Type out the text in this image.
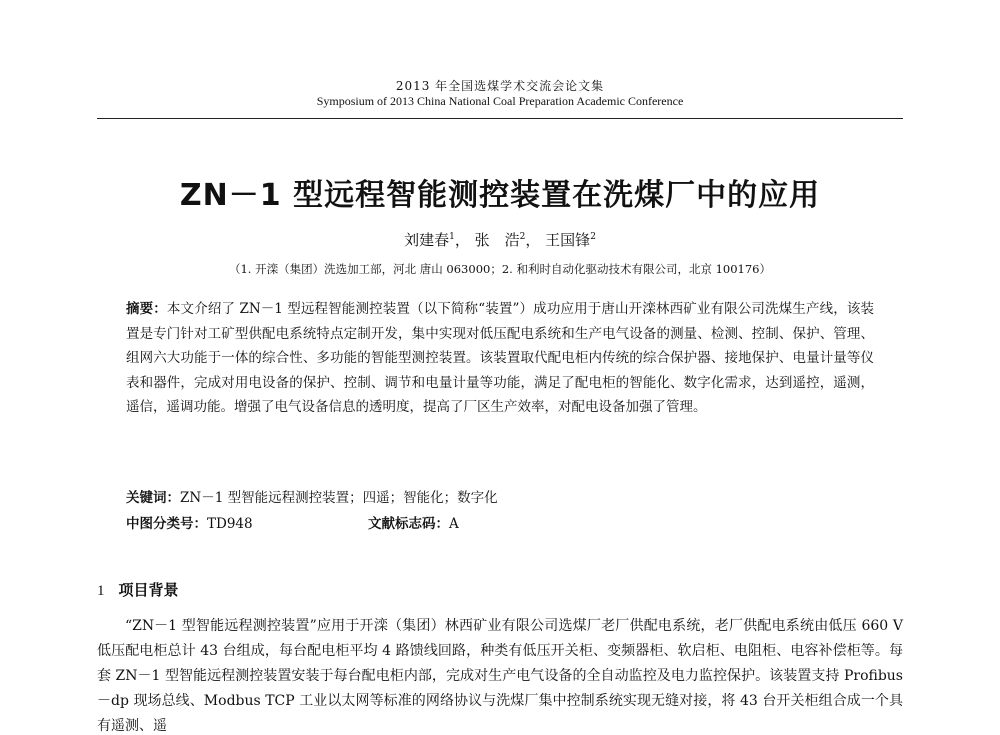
2013 年全国选煤学术交流会论文集
Symposium of 2013 China National Coal Preparation Academic Conference
ZN－1 型远程智能测控装置在洗煤厂中的应用
刘建春$^1$， 张　浩$^2$， 王国锋$^2$
（1. 开滦（集团）洗选加工部，河北 唐山 063000；2. 和利时自动化驱动技术有限公司，北京 100176）
摘要：本文介绍了 ZN－1 型远程智能测控装置（以下简称“装置”）成功应用于唐山开滦林西矿业有限公司洗煤生产线，该装置是专门针对工矿型供配电系统特点定制开发，集中实现对低压配电系统和生产电气设备的测量、检测、控制、保护、管理、组网六大功能于一体的综合性、多功能的智能型测控装置。该装置取代配电柜内传统的综合保护器、接地保护、电量计量等仪表和器件，完成对用电设备的保护、控制、调节和电量计量等功能，满足了配电柜的智能化、数字化需求，达到遥控，遥测，遥信，遥调功能。增强了电气设备信息的透明度，提高了厂区生产效率，对配电设备加强了管理。
关键词：ZN－1 型智能远程测控装置；四遥；智能化；数字化
中图分类号：TD948	文献标志码：A
1 项目背景
“ZN－1 型智能远程测控装置”应用于开滦（集团）林西矿业有限公司选煤厂老厂供配电系统，老厂供配电系统由低压 660 V 低压配电柜总计 43 台组成，每台配电柜平均 4 路馈线回路，种类有低压开关柜、变频器柜、软启柜、电阻柜、电容补偿柜等。每套 ZN－1 型智能远程测控装置安装于每台配电柜内部，完成对生产电气设备的全自动监控及电力监控保护。该装置支持 Profibus－dp 现场总线、Modbus TCP 工业以太网等标准的网络协议与洗煤厂集中控制系统实现无缝对接，将 43 台开关柜组合成一个具有遥测、遥
